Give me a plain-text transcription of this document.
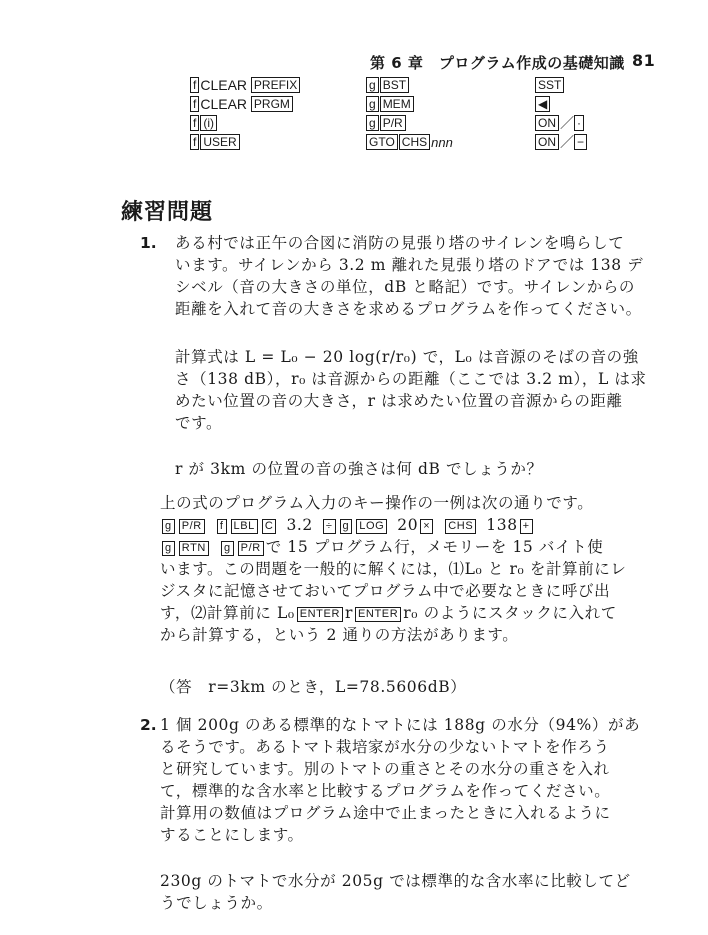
第 6 章　プログラム作成の基礎知識 81
f CLEAR PREFIX
f CLEAR PRGM
f (i)
f USER
g BST
g MEM
g P/R
GTO CHS nnn
SST
◀
ON ／ ·
ON ／ −
練習問題
1. ある村では正午の合図に消防の見張り塔のサイレンを鳴らして

います。サイレンから 3.2 m 離れた見張り塔のドアでは 138 デ

シベル（音の大きさの単位，dB と略記）です。サイレンからの

距離を入れて音の大きさを求めるプログラムを作ってください。

計算式は L = L₀ − 20 log(r/r₀) で，L₀ は音源のそばの音の強

さ（138 dB），r₀ は音源からの距離（ここでは 3.2 m），L は求

めたい位置の音の大きさ，r は求めたい位置の音源からの距離

です。

r が 3km の位置の音の強さは何 dB でしょうか？

上の式のプログラム入力のキー操作の一例は次の通りです。

g P/R f LBL C 3.2 ÷ g LOG 20 × CHS 138 +

g RTN g P/R で 15 プログラム行，メモリーを 15 バイト使

います。この問題を一般的に解くには，⑴L₀ と r₀ を計算前にレ

ジスタに記憶させておいてプログラム中で必要なときに呼び出

す，⑵計算前に L₀ ENTER r ENTER r₀ のようにスタックに入れて

から計算する，という 2 通りの方法があります。

（答　r=3km のとき，L=78.5606dB）

2. 1 個 200g のある標準的なトマトには 188g の水分（94%）があ

るそうです。あるトマト栽培家が水分の少ないトマトを作ろう

と研究しています。別のトマトの重さとその水分の重さを入れ

て，標準的な含水率と比較するプログラムを作ってください。

計算用の数値はプログラム途中で止まったときに入れるように

することにします。

230g のトマトで水分が 205g では標準的な含水率に比較してど

うでしょうか。
